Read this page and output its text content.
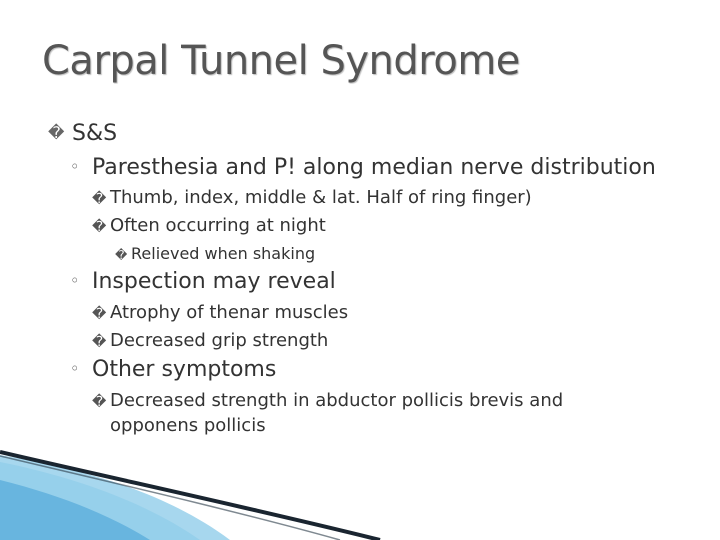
Carpal Tunnel Syndrome
� S&S
◦ Paresthesia and P! along median nerve distribution
� Thumb, index, middle & lat. Half of ring finger)
� Often occurring at night
� Relieved when shaking
◦ Inspection may reveal
� Atrophy of thenar muscles
� Decreased grip strength
◦ Other symptoms
� Decreased strength in abductor pollicis brevis and
opponens pollicis
